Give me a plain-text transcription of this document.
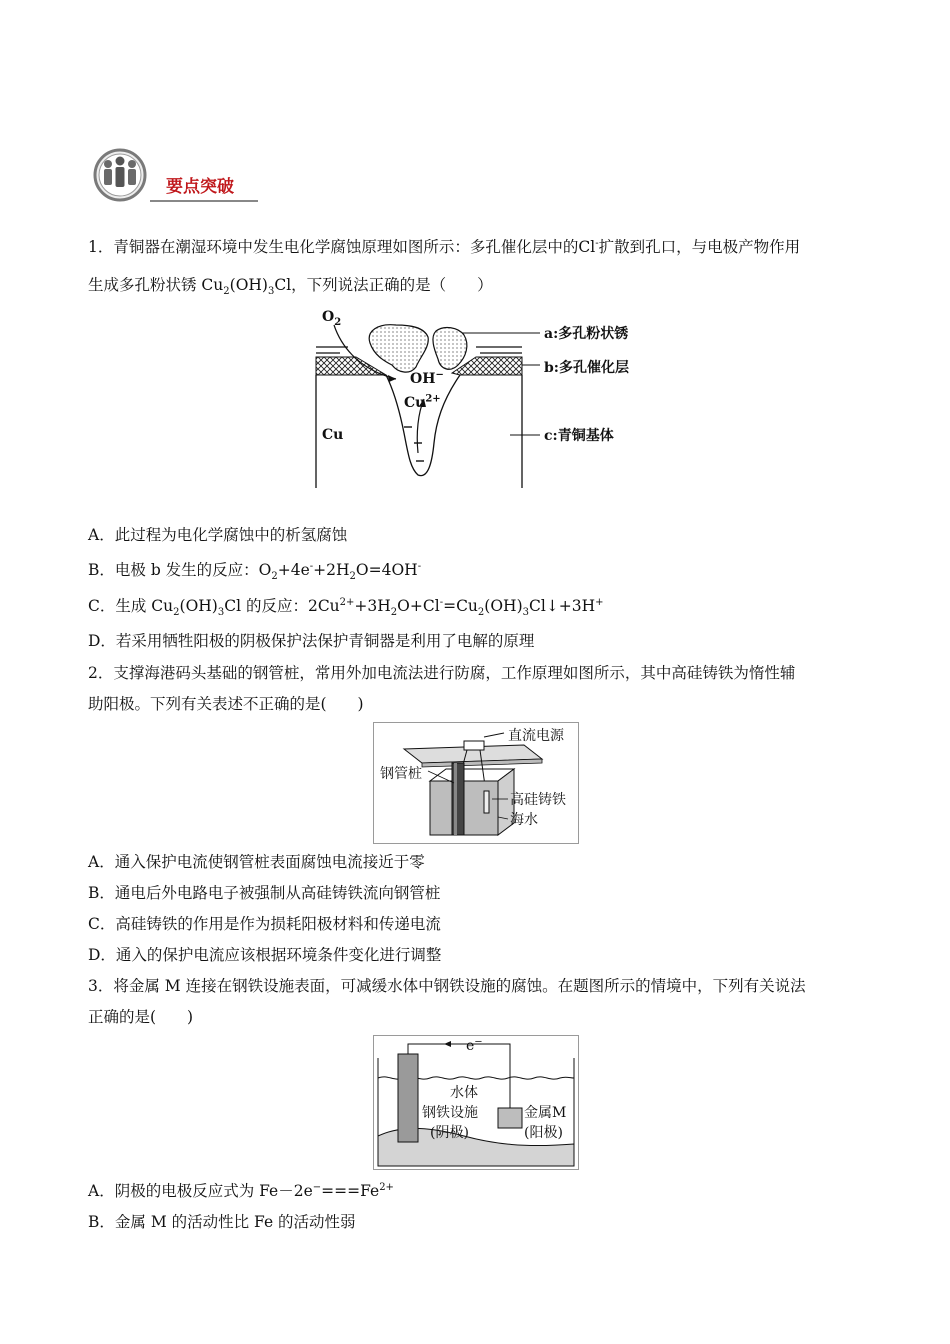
要点突破
1．青铜器在潮湿环境中发生电化学腐蚀原理如图所示：多孔催化层中的Cl-扩散到孔口，与电极产物作用
生成多孔粉状锈 $Cu_2(OH)_3Cl$，下列说法正确的是（　　）
$O_2$
OH−
$Cu^{2+}$
Cu
a:多孔粉状锈
b:多孔催化层
c:青铜基体
A．此过程为电化学腐蚀中的析氢腐蚀
B．电极 b 发生的反应：$O_2+4e^-+2H_2O=4OH^-$
C．生成 $Cu_2(OH)_3Cl$ 的反应：$2Cu^{2+}+3H_2O+Cl^-=Cu_2(OH)_3Cl↓+3H^+$
D．若采用牺牲阳极的阴极保护法保护青铜器是利用了电解的原理
2．支撑海港码头基础的钢管桩，常用外加电流法进行防腐，工作原理如图所示，其中高硅铸铁为惰性辅
助阳极。下列有关表述不正确的是(　　)
直流电源
钢管桩
高硅铸铁
海水
A．通入保护电流使钢管桩表面腐蚀电流接近于零
B．通电后外电路电子被强制从高硅铸铁流向钢管桩
C．高硅铸铁的作用是作为损耗阳极材料和传递电流
D．通入的保护电流应该根据环境条件变化进行调整
3．将金属 M 连接在钢铁设施表面，可减缓水体中钢铁设施的腐蚀。在题图所示的情境中，下列有关说法
正确的是(　　)
e−
水体
钢铁设施
(阴极)
金属M
(阳极)
A．阴极的电极反应式为 $Fe-2e^-===Fe^{2+}$
B．金属 M 的活动性比 Fe 的活动性弱
